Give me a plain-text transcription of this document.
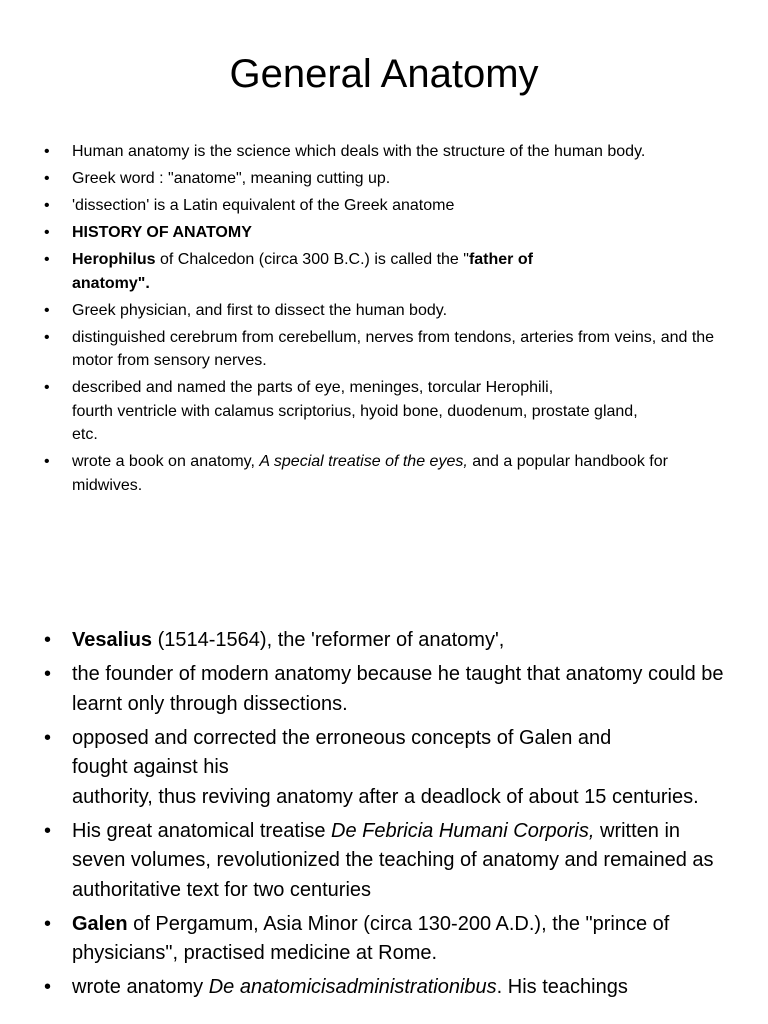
General Anatomy
• Human anatomy is the science which deals with the structure of the human body.
• Greek word : "anatome", meaning cutting up.
• 'dissection' is a Latin equivalent of the Greek anatome
• HISTORY OF ANATOMY
• Herophilus of Chalcedon (circa 300 B.C.) is called the "father of anatomy".
• Greek physician, and first to dissect the human body.
• distinguished cerebrum from cerebellum, nerves from tendons, arteries from veins, and the motor from sensory nerves.
• described and named the parts of eye, meninges, torcular Herophili,
fourth ventricle with calamus scriptorius, hyoid bone, duodenum, prostate gland, etc.
• wrote a book on anatomy, A special treatise of the eyes, and a popular handbook for midwives.
• Vesalius (1514-1564), the 'reformer of anatomy',
• the founder of modern anatomy because he taught that anatomy could be learnt only through dissections.
• opposed and corrected the erroneous concepts of Galen and fought against his
authority, thus reviving anatomy after a deadlock of about 15 centuries.
• His great anatomical treatise De Febricia Humani Corporis, written in seven volumes, revolutionized the teaching of anatomy and remained as authoritative text for two centuries
• Galen of Pergamum, Asia Minor (circa 130-200 A.D.), the "prince of physicians", practised medicine at Rome.
• wrote anatomy De anatomicisadministrationibus. His teachings
